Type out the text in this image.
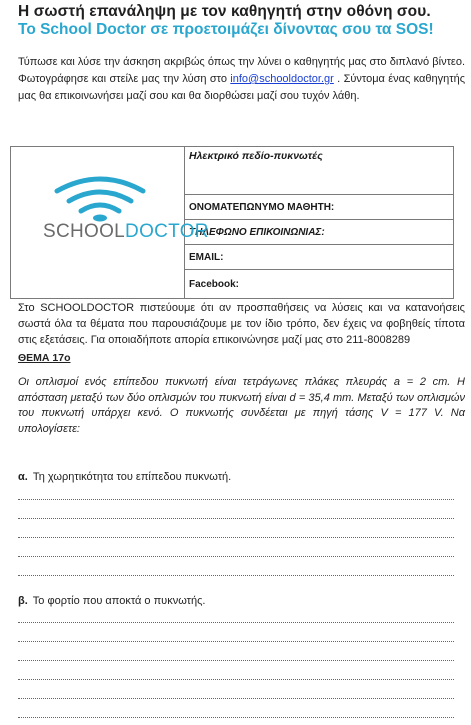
Η σωστή επανάληψη με τον καθηγητή στην οθόνη σου.
Το School Doctor σε προετοιμάζει δίνοντας σου τα SOS!
Τύπωσε και λύσε την άσκηση ακριβώς όπως την λύνει ο καθηγητής μας στο διπλανό βίντεο. Φωτογράφησε και στείλε μας την λύση στο info@schooldoctor.gr . Σύντομα ένας καθηγητής μας θα επικοινωνήσει μαζί σου και θα διορθώσει μαζί σου τυχόν λάθη.
SCHOOLDOCTOR
	Ηλεκτρικό πεδίο-πυκνωτές
ΟΝΟΜΑΤΕΠΩΝΥΜΟ ΜΑΘΗΤΗ:
ΤΗΛΕΦΩΝΟ ΕΠΙΚΟΙΝΩΝΙΑΣ:
EMAIL:
Facebook:
Στο SCHOOLDOCTOR πιστεύουμε ότι αν προσπαθήσεις να λύσεις και να κατανοήσεις σωστά όλα τα θέματα που παρουσιάζουμε με τον ίδιο τρόπο, δεν έχεις να φοβηθείς τίποτα στις εξετάσεις. Για οποιαδήποτε απορία επικοινώνησε μαζί μας στο 211-8008289
ΘΕΜΑ 17ο
Οι οπλισμοί ενός επίπεδου πυκνωτή είναι τετράγωνες πλάκες πλευράς a = 2 cm. Η απόσταση μεταξύ των δύο οπλισμών του πυκνωτή είναι d = 35,4 mm. Μεταξύ των οπλισμών του πυκνωτή υπάρχει κενό. Ο πυκνωτής συνδέεται με πηγή τάσης V = 177 V. Να υπολογίσετε:
α. Τη χωρητικότητα του επίπεδου πυκνωτή.
β. Το φορτίο που αποκτά ο πυκνωτής.
